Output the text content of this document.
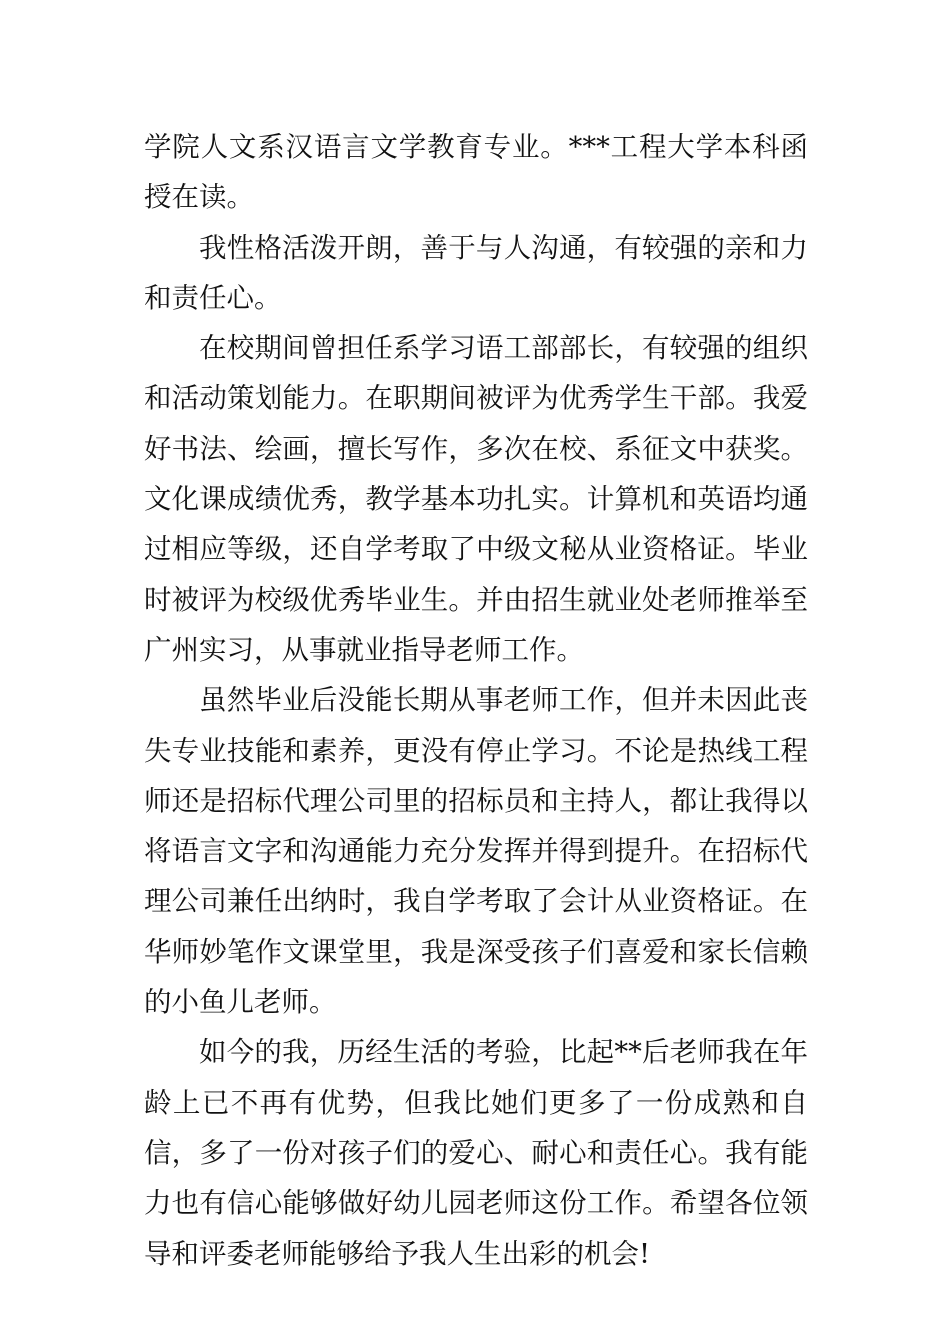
学院人文系汉语言文学教育专业。***工程大学本科函授在读。

我性格活泼开朗，善于与人沟通，有较强的亲和力和责任心。

在校期间曾担任系学习语工部部长，有较强的组织和活动策划能力。在职期间被评为优秀学生干部。我爱好书法、绘画，擅长写作，多次在校、系征文中获奖。文化课成绩优秀，教学基本功扎实。计算机和英语均通过相应等级，还自学考取了中级文秘从业资格证。毕业时被评为校级优秀毕业生。并由招生就业处老师推举至广州实习，从事就业指导老师工作。

虽然毕业后没能长期从事老师工作，但并未因此丧失专业技能和素养，更没有停止学习。不论是热线工程师还是招标代理公司里的招标员和主持人，都让我得以将语言文字和沟通能力充分发挥并得到提升。在招标代理公司兼任出纳时，我自学考取了会计从业资格证。在华师妙笔作文课堂里，我是深受孩子们喜爱和家长信赖的小鱼儿老师。

如今的我，历经生活的考验，比起**后老师我在年龄上已不再有优势，但我比她们更多了一份成熟和自信，多了一份对孩子们的爱心、耐心和责任心。我有能力也有信心能够做好幼儿园老师这份工作。希望各位领导和评委老师能够给予我人生出彩的机会!
